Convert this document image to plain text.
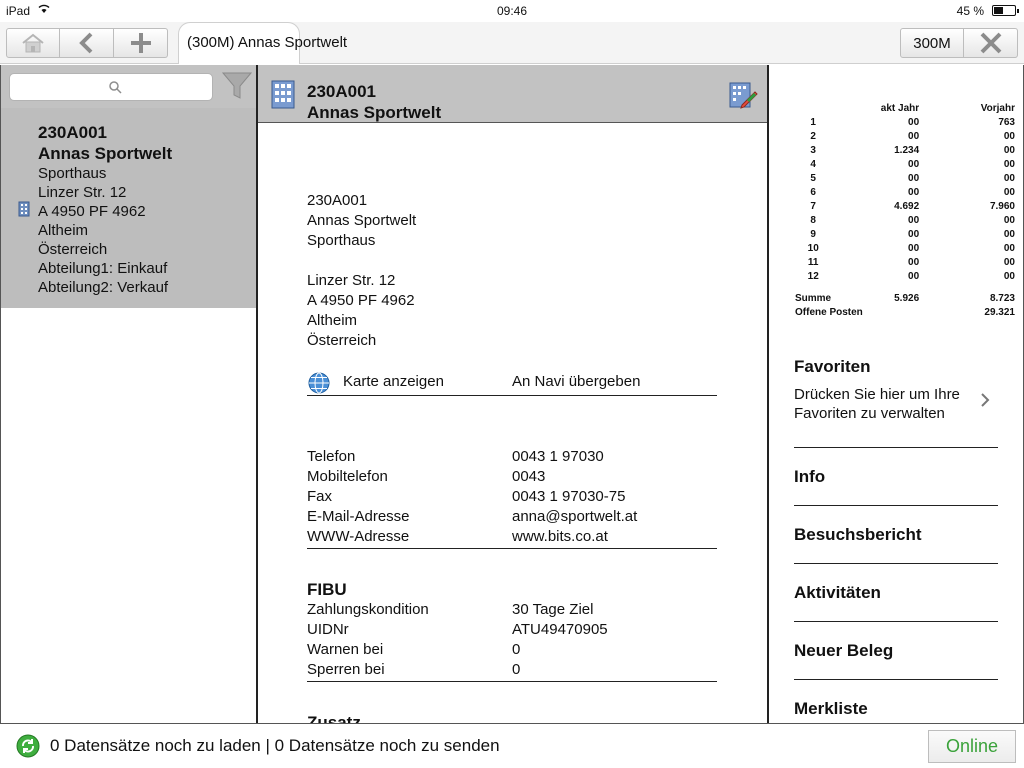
iPad	09:46	45 %
(300M) Annas Sportwelt	300M
230A001
Annas Sportwelt
Sporthaus
Linzer Str. 12
A 4950 PF 4962
Altheim
Österreich
Abteilung1: Einkauf
Abteilung2: Verkauf
230A001
Annas Sportwelt
230A001
Annas Sportwelt
Sporthaus
Linzer Str. 12
A 4950 PF 4962
Altheim
Österreich
Karte anzeigen	An Navi übergeben
Telefon	0043 1 97030
Mobiltelefon	0043
Fax	0043 1 97030-75
E-Mail-Adresse	anna@sportwelt.at
WWW-Adresse	www.bits.co.at
FIBU
Zahlungskondition	30 Tage Ziel
UIDNr	ATU49470905
Warnen bei	0
Sperren bei	0
	akt Jahr	Vorjahr
1	00	763
2	00	00
3	1.234	00
4	00	00
5	00	00
6	00	00
7	4.692	7.960
8	00	00
9	00	00
10	00	00
11	00	00
12	00	00

Summe	5.926	8.723
Offene Posten		29.321
Favoriten
Drücken Sie hier um Ihre Favoriten zu verwalten
Info
Besuchsbericht
Aktivitäten
Neuer Beleg
Merkliste
0 Datensätze noch zu laden | 0 Datensätze noch zu senden	Online
